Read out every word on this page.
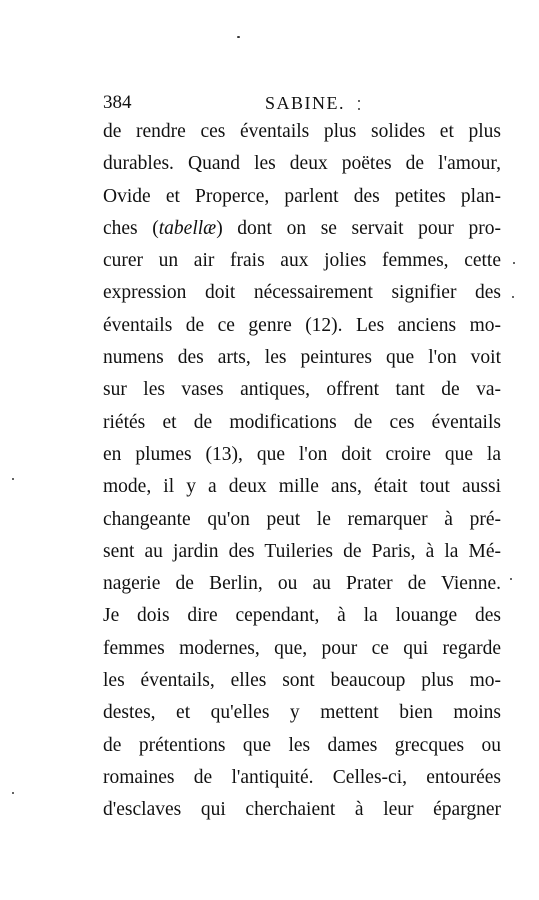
384	SABINE.
de rendre ces éventails plus solides et plus
durables. Quand les deux poëtes de l'amour,
Ovide et Properce, parlent des petites plan-
ches (tabellæ) dont on se servait pour pro-
curer un air frais aux jolies femmes, cette
expression doit nécessairement signifier des
éventails de ce genre (12). Les anciens mo-
numens des arts, les peintures que l'on voit
sur les vases antiques, offrent tant de va-
riétés et de modifications de ces éventails
en plumes (13), que l'on doit croire que la
mode, il y a deux mille ans, était tout aussi
changeante qu'on peut le remarquer à pré-
sent au jardin des Tuileries de Paris, à la Mé-
nagerie de Berlin, ou au Prater de Vienne.
Je dois dire cependant, à la louange des
femmes modernes, que, pour ce qui regarde
les éventails, elles sont beaucoup plus mo-
destes, et qu'elles y mettent bien moins
de prétentions que les dames grecques ou
romaines de l'antiquité. Celles-ci, entourées
d'esclaves qui cherchaient à leur épargner
